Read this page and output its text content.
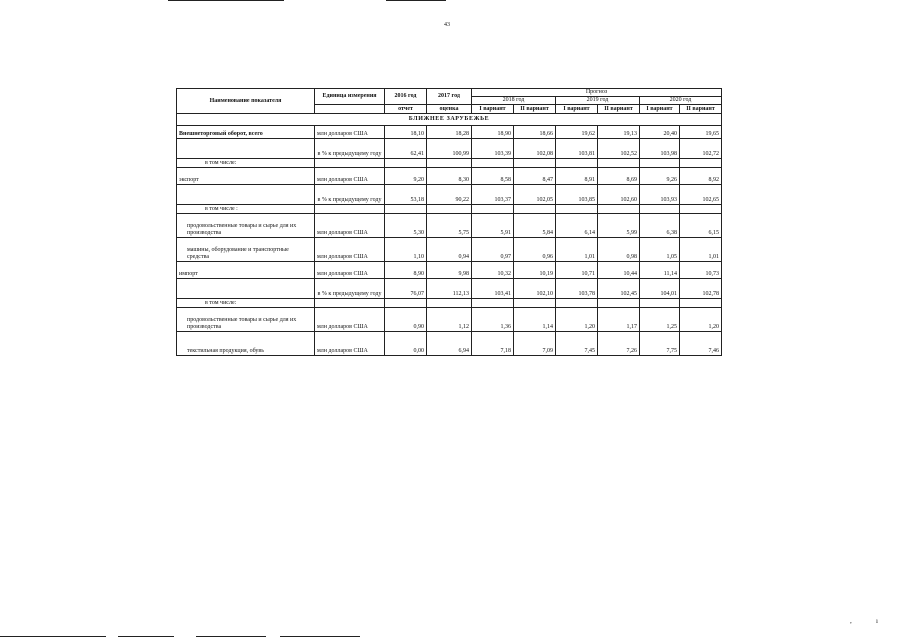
43
Наименование показателя	Единица измерения	2016 год	2017 год	Прогноз					
				2018 год		2019 год		2020 год	
		отчет	оценка	I вариант	II вариант	I вариант	II вариант	I вариант	II вариант
БЛИЖНЕЕ ЗАРУБЕЖЬЕ									
Внешнеторговый оборот, всего	млн долларов США	18,10	18,28	18,90	18,66	19,62	19,13	20,40	19,65
	в % к предыдущему году	62,41	100,99	103,39	102,08	103,81	102,52	103,98	102,72
в том числе:									
экспорт	млн долларов США	9,20	8,30	8,58	8,47	8,91	8,69	9,26	8,92
	в % к предыдущему году	53,18	90,22	103,37	102,05	103,85	102,60	103,93	102,65
в том числе :									
продовольственные товары и сырье для их производства	млн долларов США	5,30	5,75	5,91	5,84	6,14	5,99	6,38	6,15
машины, оборудование и транспортные средства	млн долларов США	1,10	0,94	0,97	0,96	1,01	0,98	1,05	1,01
импорт	млн долларов США	8,90	9,98	10,32	10,19	10,71	10,44	11,14	10,73
	в % к предыдущему году	76,07	112,13	103,41	102,10	103,78	102,45	104,01	102,78
в том числе:									
продовольственные товары и сырье для их производства	млн долларов США	0,90	1,12	1,36	1,14	1,20	1,17	1,25	1,20
текстильная продукция, обувь	млн долларов США	0,00	6,94	7,18	7,09	7,45	7,26	7,75	7,46
,	ı
